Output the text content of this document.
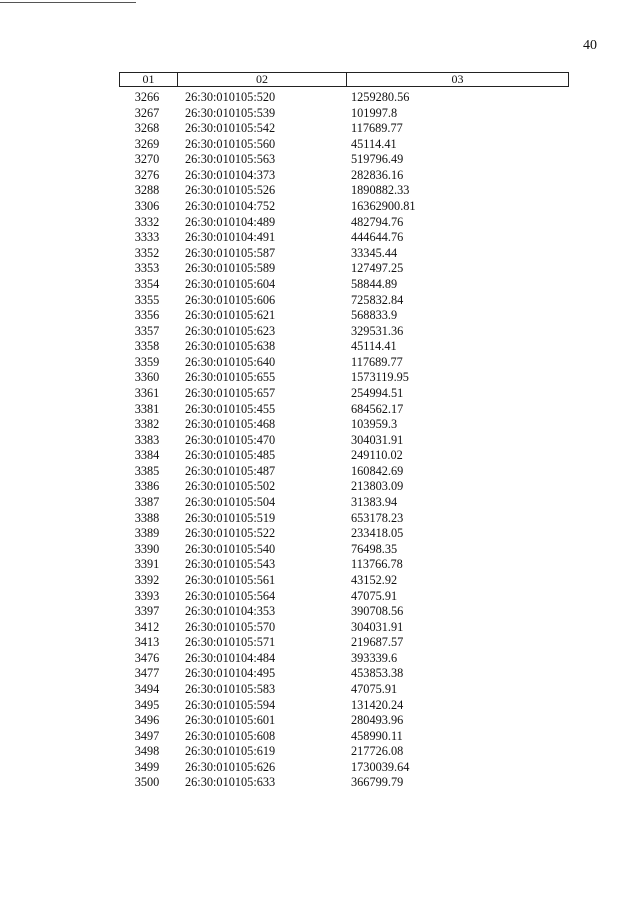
40
01	02	03
3266	26:30:010105:520	1259280.56
3267	26:30:010105:539	101997.8
3268	26:30:010105:542	117689.77
3269	26:30:010105:560	45114.41
3270	26:30:010105:563	519796.49
3276	26:30:010104:373	282836.16
3288	26:30:010105:526	1890882.33
3306	26:30:010104:752	16362900.81
3332	26:30:010104:489	482794.76
3333	26:30:010104:491	444644.76
3352	26:30:010105:587	33345.44
3353	26:30:010105:589	127497.25
3354	26:30:010105:604	58844.89
3355	26:30:010105:606	725832.84
3356	26:30:010105:621	568833.9
3357	26:30:010105:623	329531.36
3358	26:30:010105:638	45114.41
3359	26:30:010105:640	117689.77
3360	26:30:010105:655	1573119.95
3361	26:30:010105:657	254994.51
3381	26:30:010105:455	684562.17
3382	26:30:010105:468	103959.3
3383	26:30:010105:470	304031.91
3384	26:30:010105:485	249110.02
3385	26:30:010105:487	160842.69
3386	26:30:010105:502	213803.09
3387	26:30:010105:504	31383.94
3388	26:30:010105:519	653178.23
3389	26:30:010105:522	233418.05
3390	26:30:010105:540	76498.35
3391	26:30:010105:543	113766.78
3392	26:30:010105:561	43152.92
3393	26:30:010105:564	47075.91
3397	26:30:010104:353	390708.56
3412	26:30:010105:570	304031.91
3413	26:30:010105:571	219687.57
3476	26:30:010104:484	393339.6
3477	26:30:010104:495	453853.38
3494	26:30:010105:583	47075.91
3495	26:30:010105:594	131420.24
3496	26:30:010105:601	280493.96
3497	26:30:010105:608	458990.11
3498	26:30:010105:619	217726.08
3499	26:30:010105:626	1730039.64
3500	26:30:010105:633	366799.79
